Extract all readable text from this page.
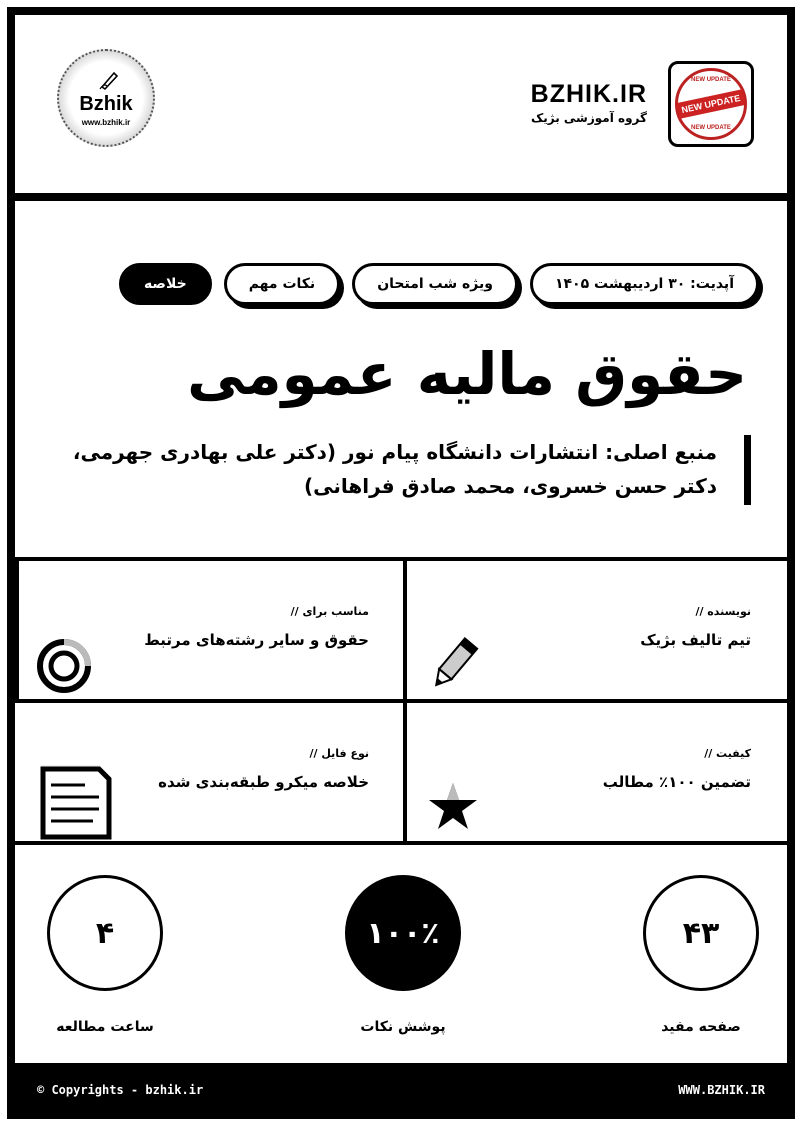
Bzhik
www.bzhik.ir
BZHIK.IR
گروه آموزشی بژیک
NEW UPDATE
NEW UPDATE
NEW UPDATE
خلاصه	نکات مهم	ویژه شب امتحان	آپدیت: ۳۰ اردیبهشت ۱۴۰۵
حقوق مالیه عمومی
منبع اصلی: انتشارات دانشگاه پیام نور (دکتر علی بهادری جهرمی، دکتر حسن خسروی، محمد صادق فراهانی)
نویسنده //
تیم تالیف بژیک
مناسب برای //
حقوق و سایر رشته‌های مرتبط
کیفیت //
تضمین ۱۰۰٪ مطالب
نوع فایل //
خلاصه میکرو طبقه‌بندی شده
۴۳
صفحه مفید
۱۰۰٪
پوشش نکات
۴
ساعت مطالعه
© Copyrights - bzhik.ir	WWW.BZHIK.IR
